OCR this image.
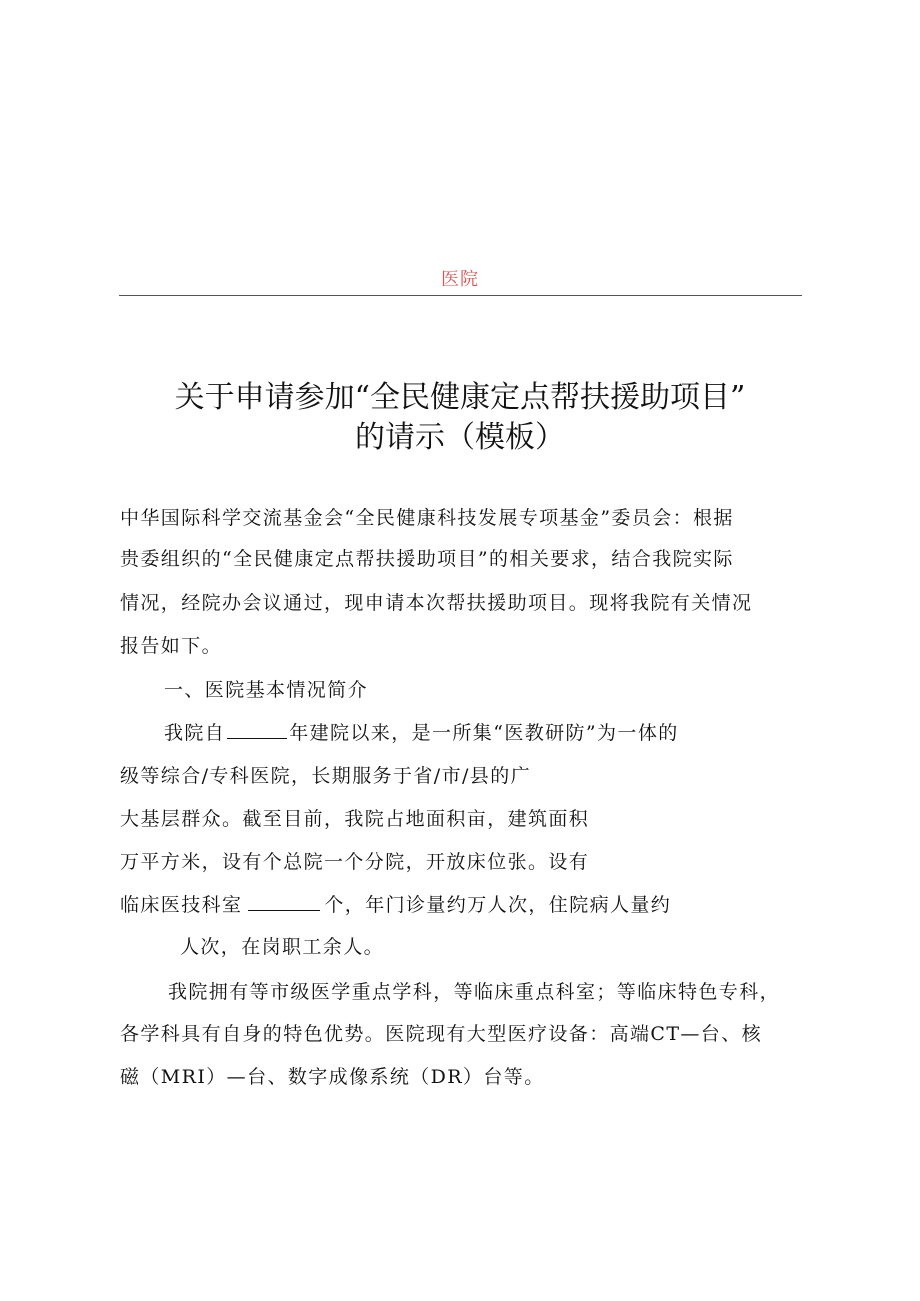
医院
关于申请参加“全民健康定点帮扶援助项目”
的请示（模板）
中华国际科学交流基金会“全民健康科技发展专项基金”委员会：根据
贵委组织的“全民健康定点帮扶援助项目”的相关要求，结合我院实际
情况，经院办会议通过，现申请本次帮扶援助项目。现将我院有关情况
报告如下。
一、医院基本情况简介
我院自	年建院以来，是一所集“医教研防”为一体的
级等综合/专科医院，长期服务于省/市/县的广
大基层群众。截至目前，我院占地面积亩，建筑面积
万平方米，设有个总院一个分院，开放床位张。设有
临床医技科室	个，年门诊量约万人次，住院病人量约
人次，在岗职工余人。
我院拥有等市级医学重点学科，等临床重点科室；等临床特色专科，
各学科具有自身的特色优势。医院现有大型医疗设备：高端CT—台、核
磁（MRI）—台、数字成像系统（DR）台等。
